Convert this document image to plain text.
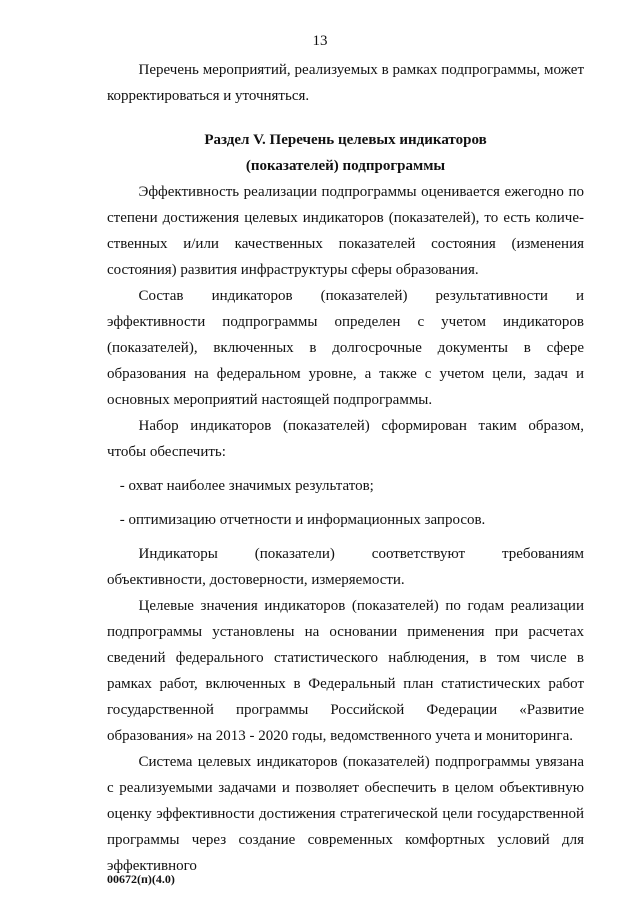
13

Перечень мероприятий, реализуемых в рамках подпрограммы, может корректироваться и уточняться.

Раздел V. Перечень целевых индикаторов

(показателей) подпрограммы

Эффективность реализации подпрограммы оценивается ежегодно по степени достижения целевых индикаторов (показателей), то есть количественных и/или качественных показателей состояния (изменения состояния) развития инфраструктуры сферы образования.

Состав индикаторов (показателей) результативности и эффективности подпрограммы определен с учетом индикаторов (показателей), включенных в долгосрочные документы в сфере образования на федеральном уровне, а также с учетом цели, задач и основных мероприятий настоящей подпрограммы.

Набор индикаторов (показателей) сформирован таким образом, чтобы обеспечить:

- охват наиболее значимых результатов;

- оптимизацию отчетности и информационных запросов.

Индикаторы (показатели) соответствуют требованиям объективности, достоверности, измеряемости.

Целевые значения индикаторов (показателей) по годам реализации подпрограммы установлены на основании применения при расчетах сведений федерального статистического наблюдения, в том числе в рамках работ, включенных в Федеральный план статистических работ государственной программы Российской Федерации «Развитие образования» на 2013 - 2020 годы, ведомственного учета и мониторинга.

Система целевых индикаторов (показателей) подпрограммы увязана с реализуемыми задачами и позволяет обеспечить в целом объективную оценку эффективности достижения стратегической цели государственной программы через создание современных комфортных условий для эффективного

00672(п)(4.0)
